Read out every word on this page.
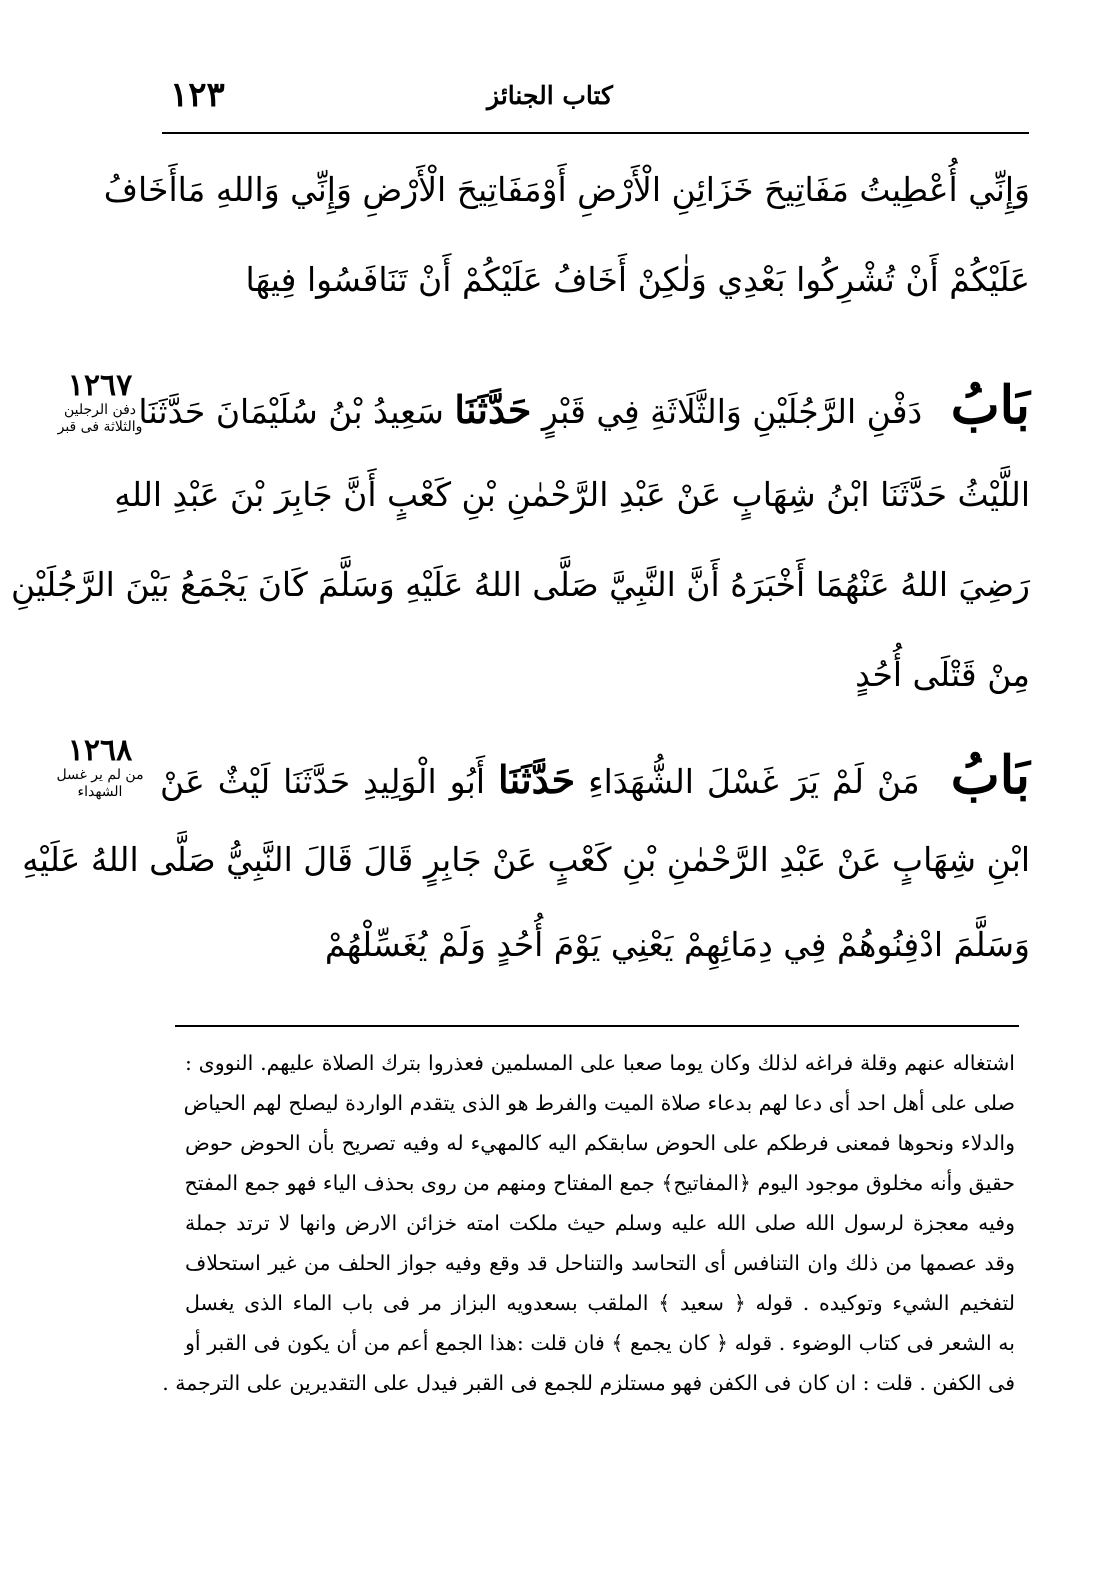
كتاب الجنائز
١٢٣
وَإِنِّي أُعْطِيتُ مَفَاتِيحَ خَزَائِنِ الْأَرْضِ أَوْمَفَاتِيحَ الْأَرْضِ وَإِنِّي وَاللهِ مَاأَخَافُ
عَلَيْكُمْ أَنْ تُشْرِكُوا بَعْدِي وَلٰكِنْ أَخَافُ عَلَيْكُمْ أَنْ تَنَافَسُوا فِيهَا
١٢٦٧
دفن الرجلين والثلاثة فى قبر	بَابُ دَفْنِ الرَّجُلَيْنِ وَالثَّلَاثَةِ فِي قَبْرٍ حَدَّثَنَا سَعِيدُ بْنُ سُلَيْمَانَ حَدَّثَنَا
اللَّيْثُ حَدَّثَنَا ابْنُ شِهَابٍ عَنْ عَبْدِ الرَّحْمٰنِ بْنِ كَعْبٍ أَنَّ جَابِرَ بْنَ عَبْدِ اللهِ
رَضِيَ اللهُ عَنْهُمَا أَخْبَرَهُ أَنَّ النَّبِيَّ صَلَّى اللهُ عَلَيْهِ وَسَلَّمَ كَانَ يَجْمَعُ بَيْنَ الرَّجُلَيْنِ
مِنْ قَتْلَى أُحُدٍ
١٢٦٨
من لم ير غسل الشهداء	بَابُ مَنْ لَمْ يَرَ غَسْلَ الشُّهَدَاءِ حَدَّثَنَا أَبُو الْوَلِيدِ حَدَّثَنَا لَيْثٌ عَنْ
ابْنِ شِهَابٍ عَنْ عَبْدِ الرَّحْمٰنِ بْنِ كَعْبٍ عَنْ جَابِرٍ قَالَ قَالَ النَّبِيُّ صَلَّى اللهُ عَلَيْهِ
وَسَلَّمَ ادْفِنُوهُمْ فِي دِمَائِهِمْ يَعْنِي يَوْمَ أُحُدٍ وَلَمْ يُغَسِّلْهُمْ
اشتغاله عنهم وقلة فراغه لذلك وكان يوما صعبا على المسلمين فعذروا بترك الصلاة عليهم. النووى :
صلى على أهل احد أى دعا لهم بدعاء صلاة الميت والفرط هو الذى يتقدم الواردة ليصلح لهم الحياض
والدلاء ونحوها فمعنى فرطكم على الحوض سابقكم اليه كالمهيء له وفيه تصريح بأن الحوض حوض
حقيق وأنه مخلوق موجود اليوم ﴿المفاتيح﴾ جمع المفتاح ومنهم من روى بحذف الياء فهو جمع المفتح
وفيه معجزة لرسول الله صلى الله عليه وسلم حيث ملكت امته خزائن الارض وانها لا ترتد جملة
وقد عصمها من ذلك وان التنافس أى التحاسد والتناحل قد وقع وفيه جواز الحلف من غير استحلاف
لتفخيم الشيء وتوكيده . قوله ﴿ سعيد ﴾ الملقب بسعدويه البزاز مر فى باب الماء الذى يغسل
به الشعر فى كتاب الوضوء . قوله ﴿ كان يجمع ﴾ فان قلت :هذا الجمع أعم من أن يكون فى القبر أو
فى الكفن . قلت : ان كان فى الكفن فهو مستلزم للجمع فى القبر فيدل على التقديرين على الترجمة .
